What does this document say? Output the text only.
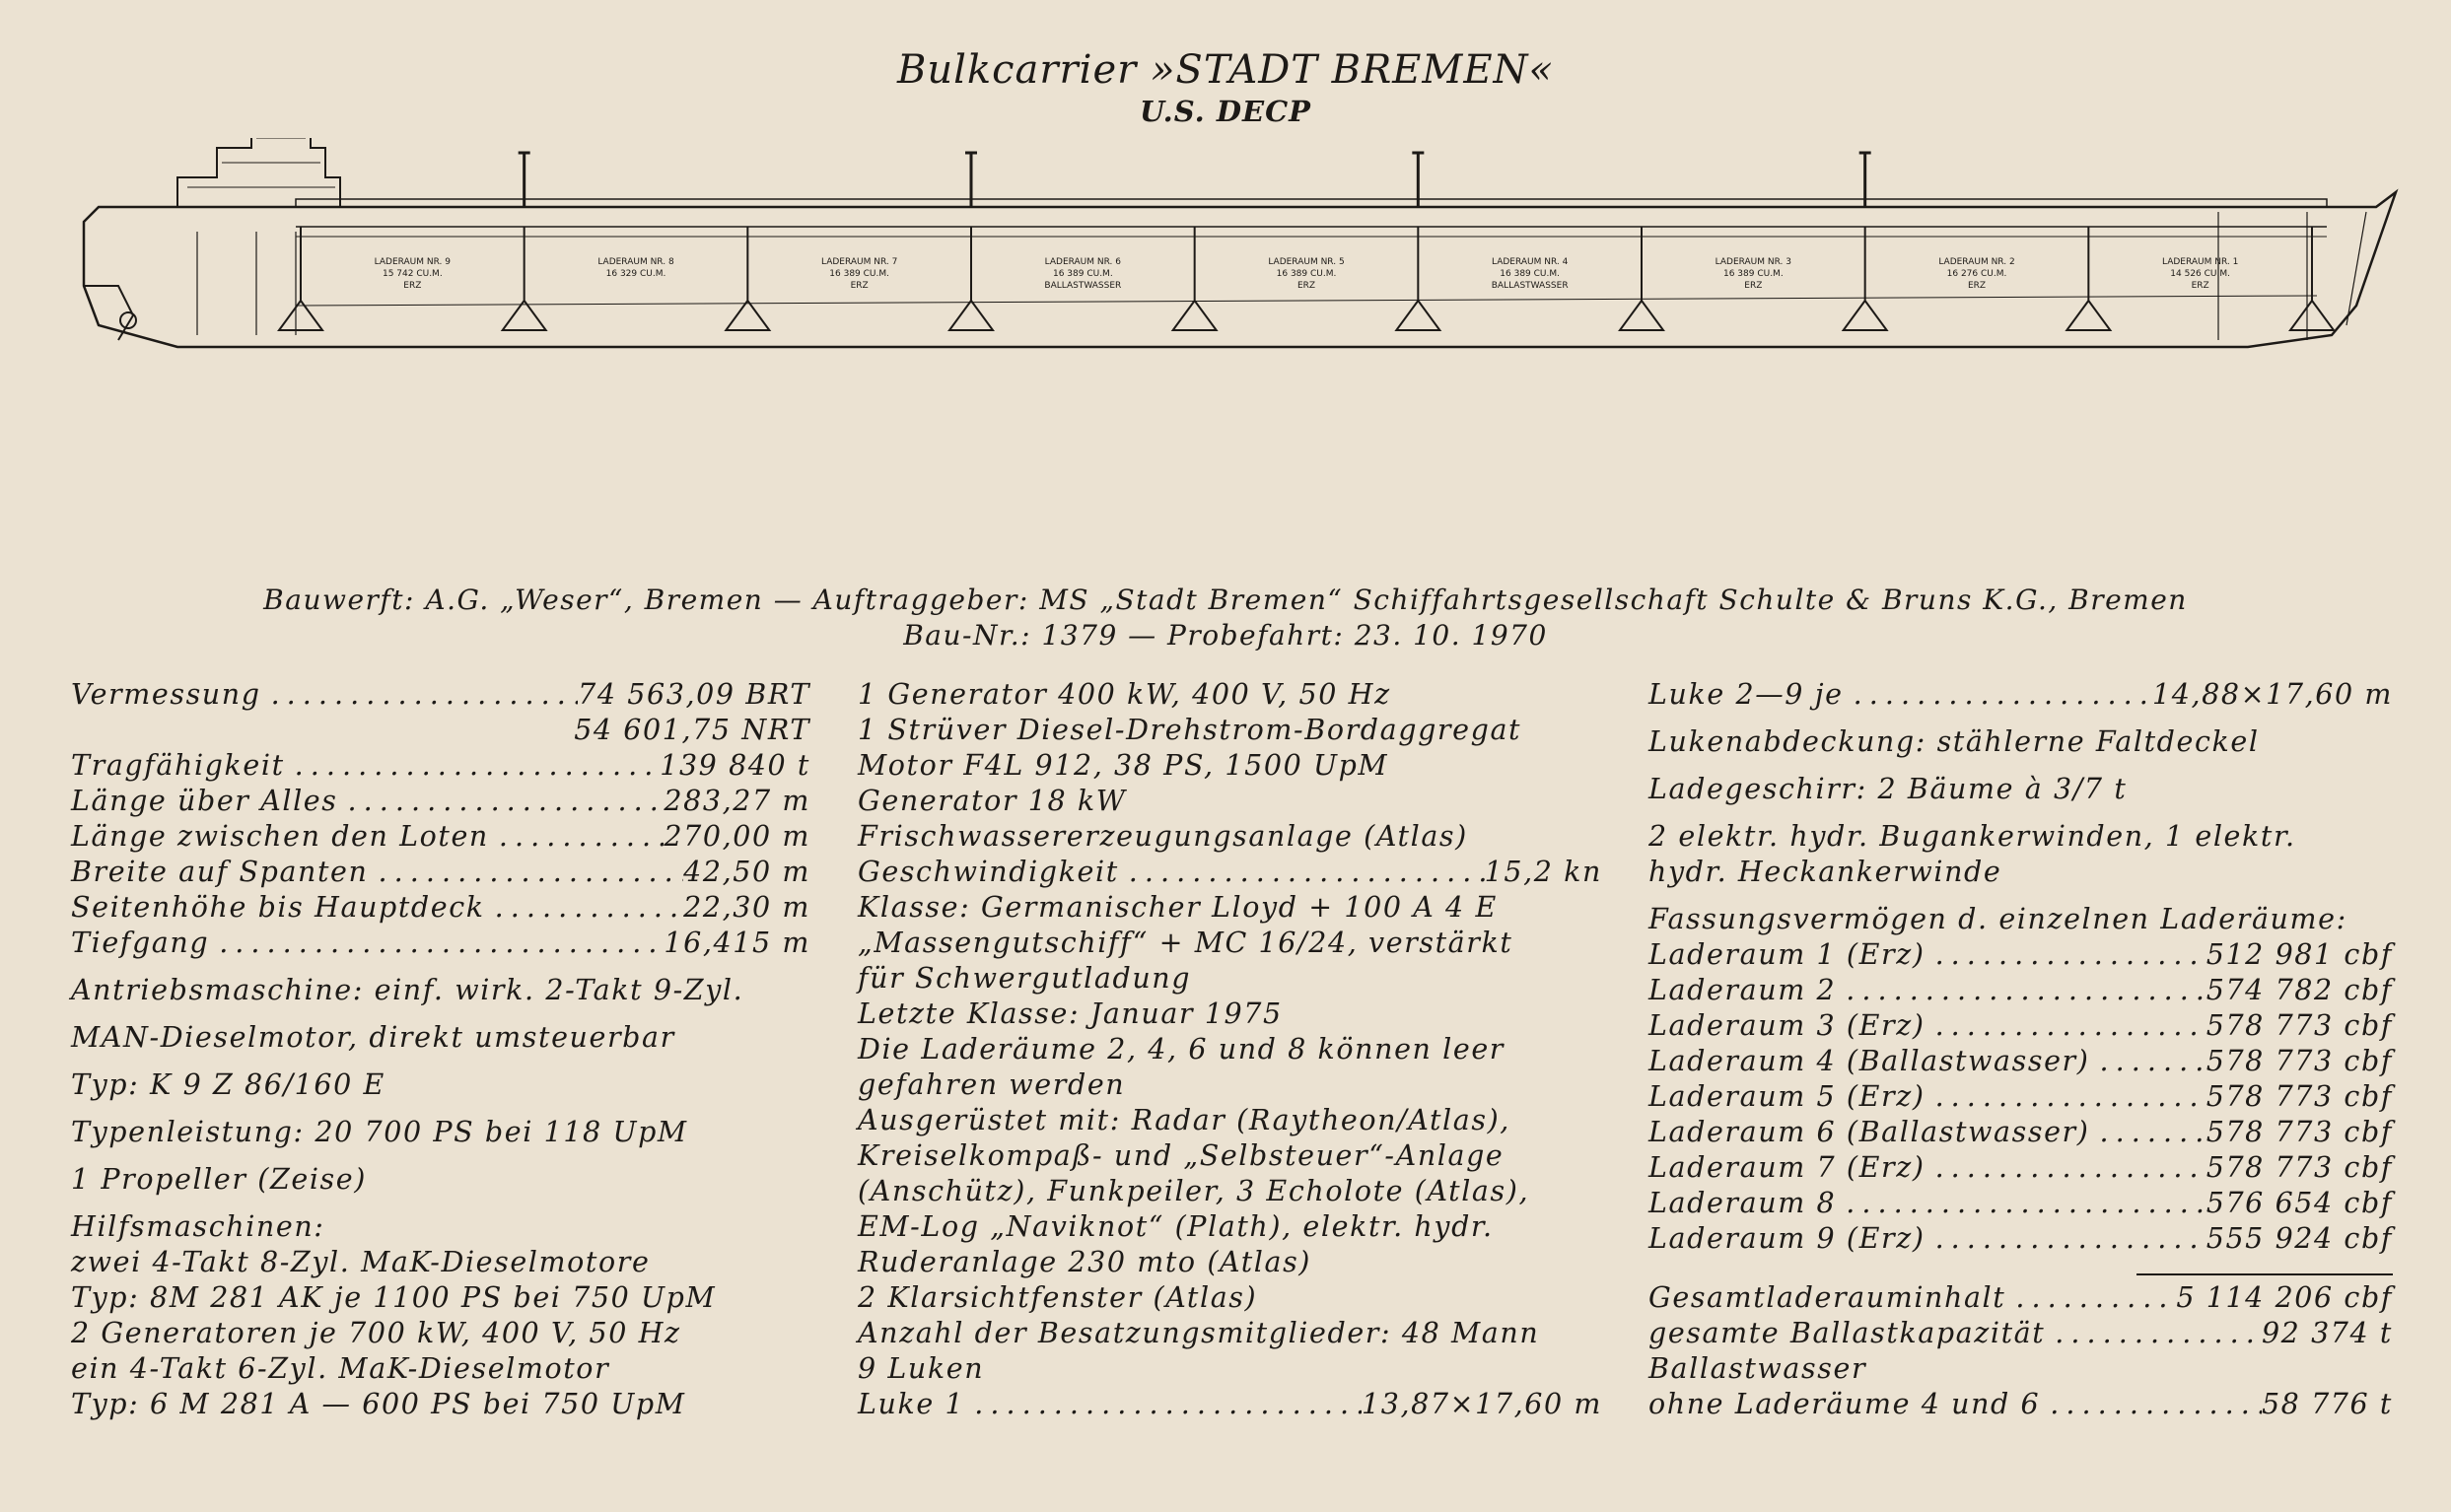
Bulkcarrier »STADT BREMEN«
U.S. DECP
LADERAUM NR. 9
15 742 CU.M.
ERZ
LADERAUM NR. 8
16 329 CU.M.
LADERAUM NR. 7
16 389 CU.M.
ERZ
LADERAUM NR. 6
16 389 CU.M.
BALLASTWASSER
LADERAUM NR. 5
16 389 CU.M.
ERZ
LADERAUM NR. 4
16 389 CU.M.
BALLASTWASSER
LADERAUM NR. 3
16 389 CU.M.
ERZ
LADERAUM NR. 2
16 276 CU.M.
ERZ
LADERAUM NR. 1
14 526 CU.M.
ERZ
Bauwerft: A.G. „Weser“, Bremen — Auftraggeber: MS „Stadt Bremen“ Schiffahrtsgesellschaft Schulte & Bruns K.G., Bremen
Bau-Nr.: 1379 — Probefahrt: 23. 10. 1970
Vermessung . . .	74 563,09 BRT
54 601,75 NRT
Tragfähigkeit . . .	139 840 t
Länge über Alles . . .	283,27 m
Länge zwischen den Loten . . .	270,00 m
Breite auf Spanten . . .	42,50 m
Seitenhöhe bis Hauptdeck . . .	22,30 m
Tiefgang . . .	16,415 m
Antriebsmaschine: einf. wirk. 2-Takt 9-Zyl.
MAN-Dieselmotor, direkt umsteuerbar
Typ: K 9 Z 86/160 E
Typenleistung: 20 700 PS bei 118 UpM
1 Propeller (Zeise)
Hilfsmaschinen:
zwei 4-Takt 8-Zyl. MaK-Dieselmotore
Typ: 8M 281 AK je 1100 PS bei 750 UpM
2 Generatoren je 700 kW, 400 V, 50 Hz
ein 4-Takt 6-Zyl. MaK-Dieselmotor
Typ: 6 M 281 A — 600 PS bei 750 UpM
1 Generator 400 kW, 400 V, 50 Hz
1 Strüver Diesel-Drehstrom-Bordaggregat
Motor F4L 912, 38 PS, 1500 UpM
Generator 18 kW
Frischwassererzeugungsanlage (Atlas)
Geschwindigkeit . . .	15,2 kn
Klasse: Germanischer Lloyd + 100 A 4 E
„Massengutschiff“ + MC 16/24, verstärkt
für Schwergutladung
Letzte Klasse: Januar 1975
Die Laderäume 2, 4, 6 und 8 können leer
gefahren werden
Ausgerüstet mit: Radar (Raytheon/Atlas),
Kreiselkompaß- und „Selbsteuer“-Anlage
(Anschütz), Funkpeiler, 3 Echolote (Atlas),
EM-Log „Naviknot“ (Plath), elektr. hydr.
Ruderanlage 230 mto (Atlas)
2 Klarsichtfenster (Atlas)
Anzahl der Besatzungsmitglieder: 48 Mann
9 Luken
Luke 1 . . .	13,87×17,60 m
Luke 2—9 je . . .	14,88×17,60 m
Lukenabdeckung: stählerne Faltdeckel
Ladegeschirr: 2 Bäume à 3/7 t
2 elektr. hydr. Bugankerwinden, 1 elektr.
hydr. Heckankerwinde
Fassungsvermögen d. einzelnen Laderäume:
Laderaum 1 (Erz) . . .	512 981 cbf
Laderaum 2 . . .	574 782 cbf
Laderaum 3 (Erz) . . .	578 773 cbf
Laderaum 4 (Ballastwasser) . . .	578 773 cbf
Laderaum 5 (Erz) . . .	578 773 cbf
Laderaum 6 (Ballastwasser) . . .	578 773 cbf
Laderaum 7 (Erz) . . .	578 773 cbf
Laderaum 8 . . .	576 654 cbf
Laderaum 9 (Erz) . . .	555 924 cbf
Gesamtladerauminhalt . . .	5 114 206 cbf
gesamte Ballastkapazität . . .	92 374 t
Ballastwasser
ohne Laderäume 4 und 6 . . .	58 776 t
